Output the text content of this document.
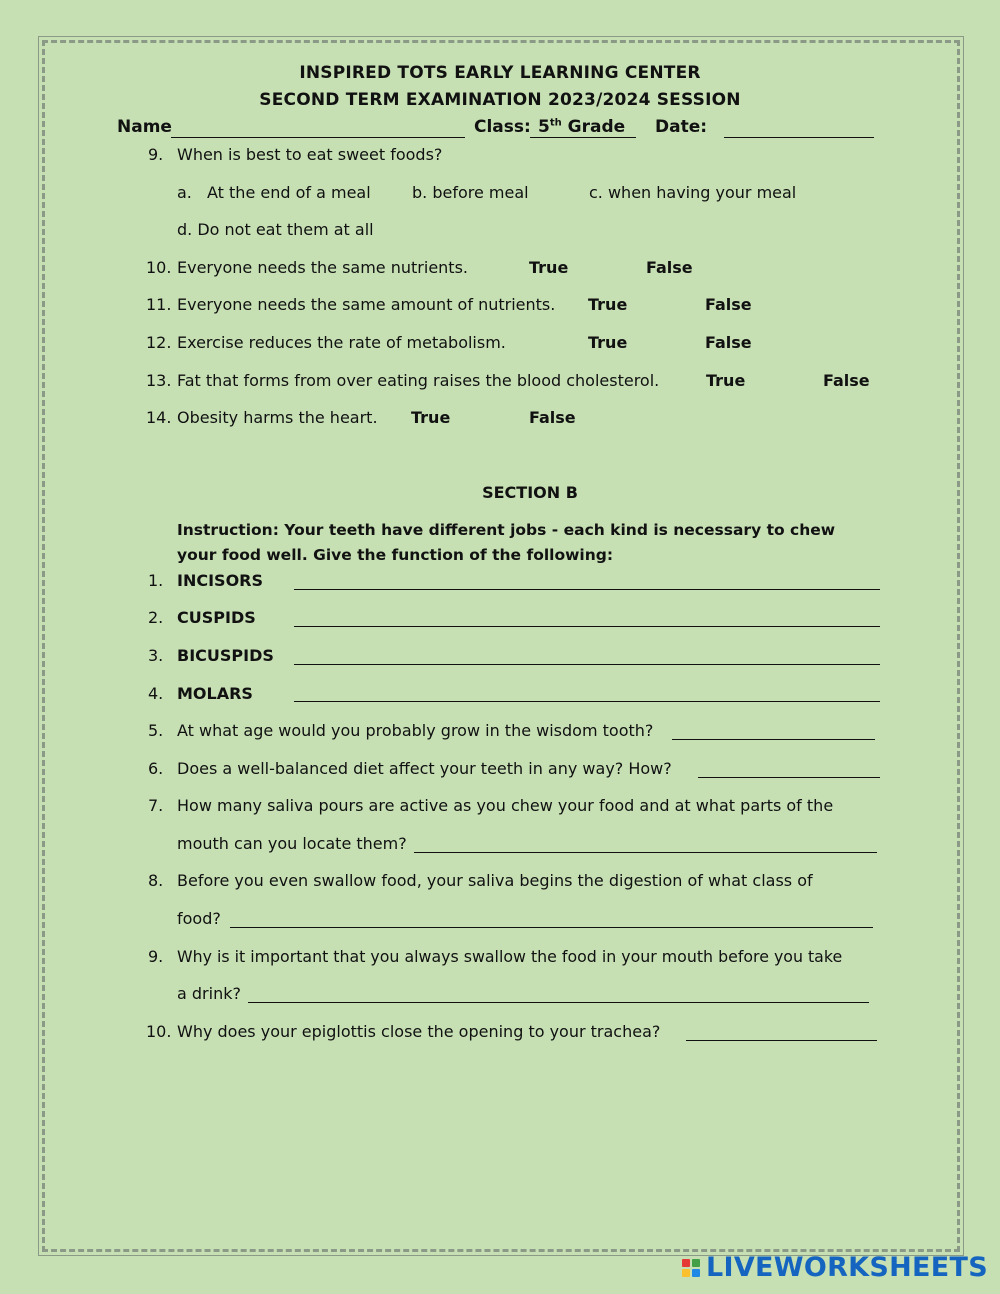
INSPIRED TOTS EARLY LEARNING CENTER
SECOND TERM EXAMINATION 2023/2024 SESSION
Name	Class: 5th Grade	Date:
9. When is best to eat sweet foods?
a. At the end of a meal	b. before meal	c. when having your meal
d. Do not eat them at all
10. Everyone needs the same nutrients.	True	False
11. Everyone needs the same amount of nutrients. True	False
12. Exercise reduces the rate of metabolism.	True	False
13. Fat that forms from over eating raises the blood cholesterol.	True	False
14. Obesity harms the heart. True	False
SECTION B
Instruction: Your teeth have different jobs - each kind is necessary to chew
your food well. Give the function of the following:
1. INCISORS
2. CUSPIDS
3. BICUSPIDS
4. MOLARS
5. At what age would you probably grow in the wisdom tooth?
6. Does a well-balanced diet affect your teeth in any way? How?
7. How many saliva pours are active as you chew your food and at what parts of the
mouth can you locate them?
8. Before you even swallow food, your saliva begins the digestion of what class of
food?
9. Why is it important that you always swallow the food in your mouth before you take
a drink?
10. Why does your epiglottis close the opening to your trachea?
LIVEWORKSHEETS
